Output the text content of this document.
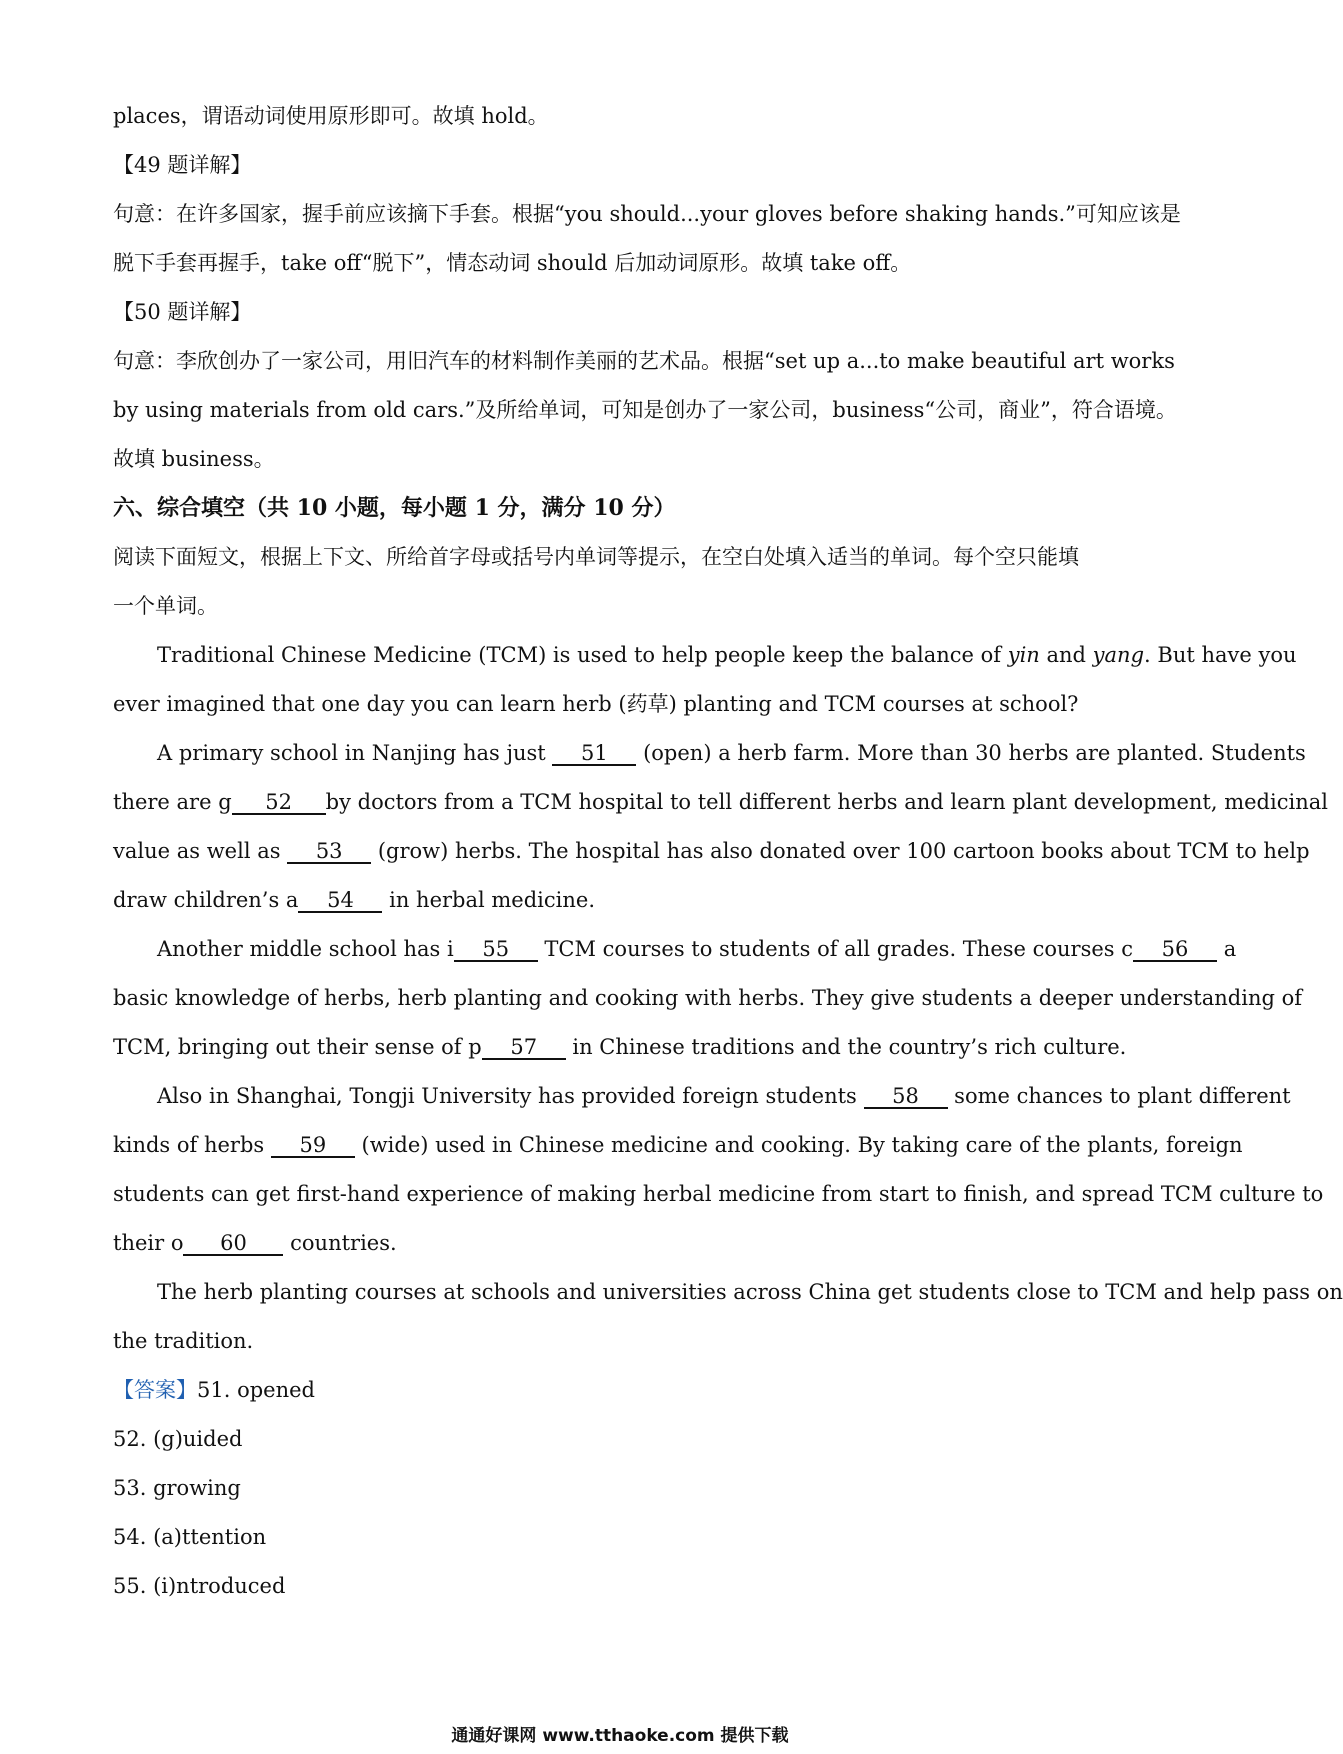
places，谓语动词使用原形即可。故填 hold。
【49 题详解】
句意：在许多国家，握手前应该摘下手套。根据“you should...your gloves before shaking hands.”可知应该是
脱下手套再握手，take off“脱下”，情态动词 should 后加动词原形。故填 take off。
【50 题详解】
句意：李欣创办了一家公司，用旧汽车的材料制作美丽的艺术品。根据“set up a...to make beautiful art works
by using materials from old cars.”及所给单词，可知是创办了一家公司，business“公司，商业”，符合语境。
故填 business。
六、综合填空（共 10 小题，每小题 1 分，满分 10 分）
阅读下面短文，根据上下文、所给首字母或括号内单词等提示，在空白处填入适当的单词。每个空只能填
一个单词。
Traditional Chinese Medicine (TCM) is used to help people keep the balance of yin and yang. But have you
ever imagined that one day you can learn herb (药草) planting and TCM courses at school?
A primary school in Nanjing has just 51 (open) a herb farm. More than 30 herbs are planted. Students
there are g 52 by doctors from a TCM hospital to tell different herbs and learn plant development, medicinal
value as well as 53 (grow) herbs. The hospital has also donated over 100 cartoon books about TCM to help
draw children’s a 54 in herbal medicine.
Another middle school has i 55 TCM courses to students of all grades. These courses c 56 a
basic knowledge of herbs, herb planting and cooking with herbs. They give students a deeper understanding of
TCM, bringing out their sense of p 57 in Chinese traditions and the country’s rich culture.
Also in Shanghai, Tongji University has provided foreign students 58 some chances to plant different
kinds of herbs 59 (wide) used in Chinese medicine and cooking. By taking care of the plants, foreign
students can get first-hand experience of making herbal medicine from start to finish, and spread TCM culture to
their o 60 countries.
The herb planting courses at schools and universities across China get students close to TCM and help pass on
the tradition.
【答案】51. opened
52. (g)uided
53. growing
54. (a)ttention
55. (i)ntroduced
通通好课网 www.tthaoke.com 提供下载
